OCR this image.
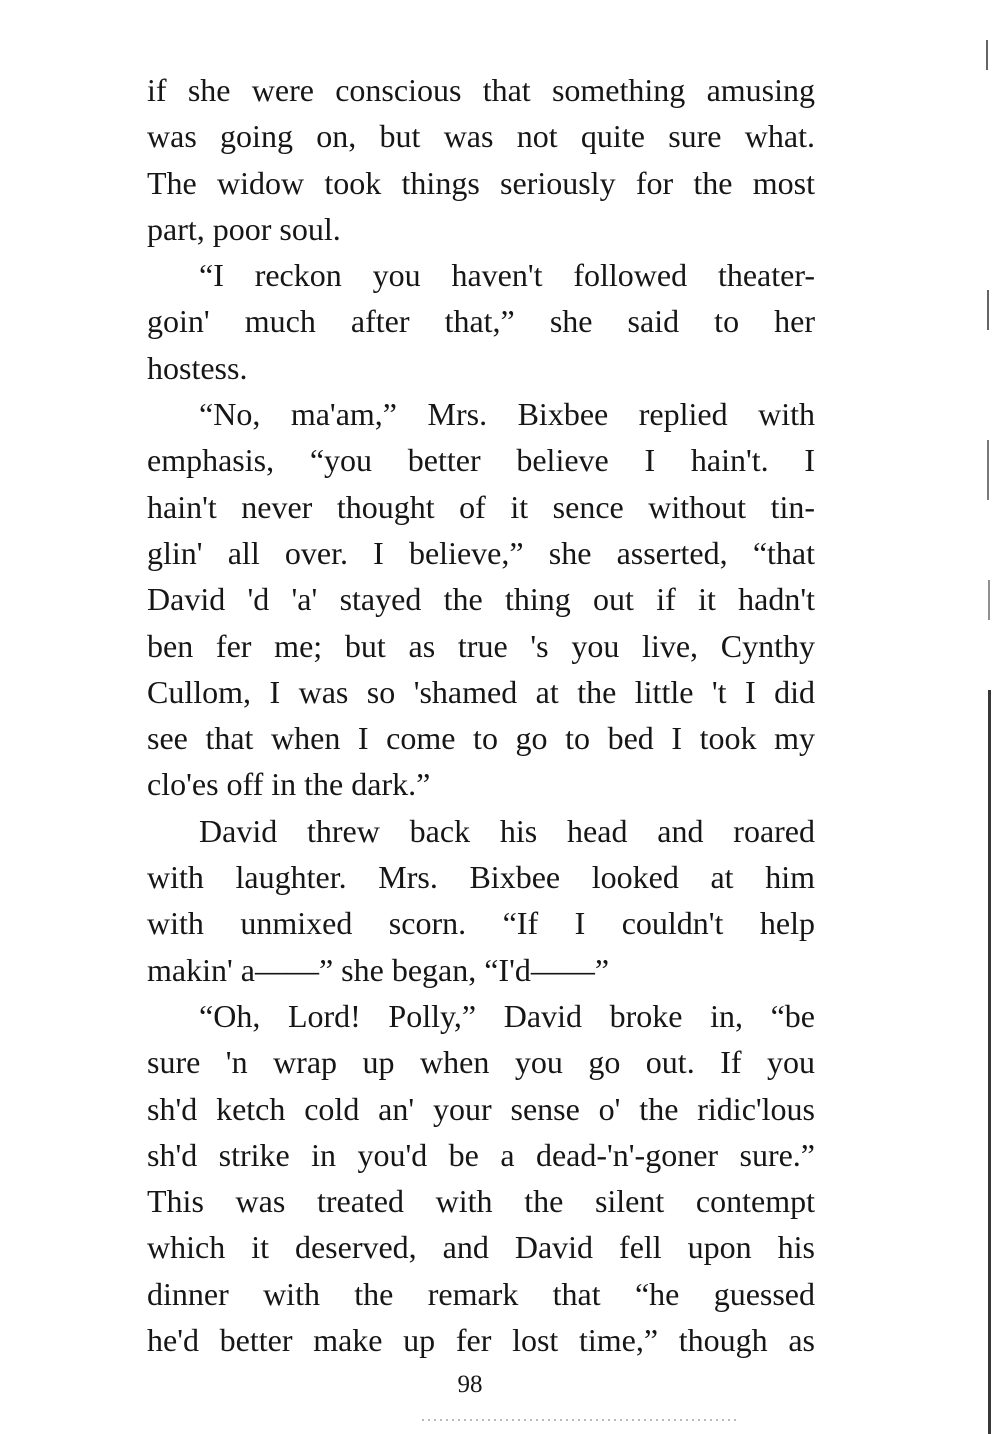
if she were conscious that something amusing
was going on, but was not quite sure what.
The widow took things seriously for the most
part, poor soul.
“I reckon you haven't followed theater-
goin' much after that,” she said to her
hostess.
“No, ma'am,” Mrs. Bixbee replied with
emphasis, “you better believe I hain't. I
hain't never thought of it sence without tin-
glin' all over. I believe,” she asserted, “that
David 'd 'a' stayed the thing out if it hadn't
ben fer me; but as true 's you live, Cynthy
Cullom, I was so 'shamed at the little 't I did
see that when I come to go to bed I took my
clo'es off in the dark.”
David threw back his head and roared
with laughter. Mrs. Bixbee looked at him
with unmixed scorn. “If I couldn't help
makin' a——” she began, “I'd——”
“Oh, Lord! Polly,” David broke in, “be
sure 'n wrap up when you go out. If you
sh'd ketch cold an' your sense o' the ridic'lous
sh'd strike in you'd be a dead-'n'-goner sure.”
This was treated with the silent contempt
which it deserved, and David fell upon his
dinner with the remark that “he guessed
he'd better make up fer lost time,” though as
98
